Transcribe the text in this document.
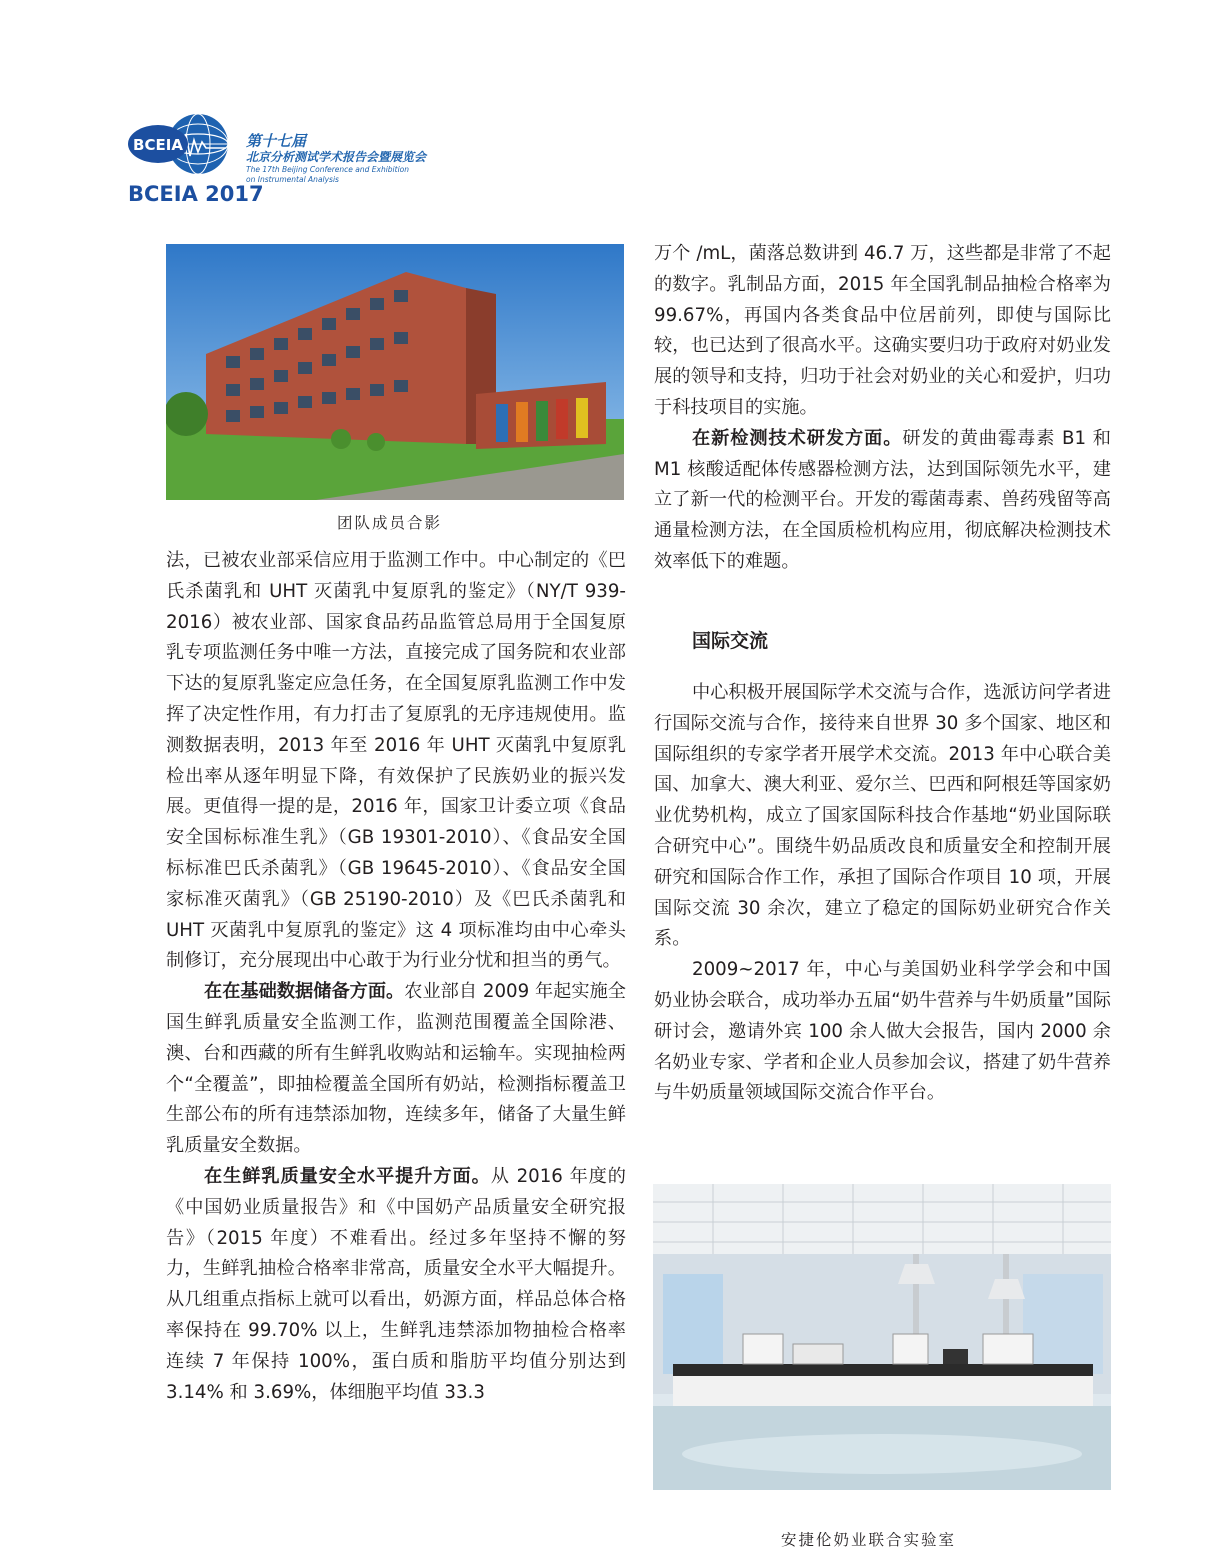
BCEIA
BCEIA 2017
第十七届
北京分析测试学术报告会暨展览会
The 17th Beijing Conference and Exhibition
on Instrumental Analysis
团队成员合影

法，已被农业部采信应用于监测工作中。中心制定的《巴氏杀菌乳和 UHT 灭菌乳中复原乳的鉴定》（NY/T 939-2016）被农业部、国家食品药品监管总局用于全国复原乳专项监测任务中唯一方法，直接完成了国务院和农业部下达的复原乳鉴定应急任务，在全国复原乳监测工作中发挥了决定性作用，有力打击了复原乳的无序违规使用。监测数据表明，2013 年至 2016 年 UHT 灭菌乳中复原乳检出率从逐年明显下降，有效保护了民族奶业的振兴发展。更值得一提的是，2016 年，国家卫计委立项《食品安全国标标准生乳》（GB 19301-2010）、《食品安全国标标准巴氏杀菌乳》（GB 19645-2010）、《食品安全国家标准灭菌乳》（GB 25190-2010）及《巴氏杀菌乳和 UHT 灭菌乳中复原乳的鉴定》这 4 项标准均由中心牵头制修订，充分展现出中心敢于为行业分忧和担当的勇气。

在在基础数据储备方面。农业部自 2009 年起实施全国生鲜乳质量安全监测工作，监测范围覆盖全国除港、澳、台和西藏的所有生鲜乳收购站和运输车。实现抽检两个“全覆盖”，即抽检覆盖全国所有奶站，检测指标覆盖卫生部公布的所有违禁添加物，连续多年，储备了大量生鲜乳质量安全数据。

在生鲜乳质量安全水平提升方面。从 2016 年度的《中国奶业质量报告》和《中国奶产品质量安全研究报告》（2015 年度）不难看出。经过多年坚持不懈的努力，生鲜乳抽检合格率非常高，质量安全水平大幅提升。从几组重点指标上就可以看出，奶源方面，样品总体合格率保持在 99.70% 以上，生鲜乳违禁添加物抽检合格率连续 7 年保持 100%，蛋白质和脂肪平均值分别达到 3.14% 和 3.69%，体细胞平均值 33.3

万个 /mL，菌落总数讲到 46.7 万，这些都是非常了不起的数字。乳制品方面，2015 年全国乳制品抽检合格率为 99.67%，再国内各类食品中位居前列，即使与国际比较，也已达到了很高水平。这确实要归功于政府对奶业发展的领导和支持，归功于社会对奶业的关心和爱护，归功于科技项目的实施。

在新检测技术研发方面。研发的黄曲霉毒素 B1 和 M1 核酸适配体传感器检测方法，达到国际领先水平，建立了新一代的检测平台。开发的霉菌毒素、兽药残留等高通量检测方法，在全国质检机构应用，彻底解决检测技术效率低下的难题。

国际交流

中心积极开展国际学术交流与合作，选派访问学者进行国际交流与合作，接待来自世界 30 多个国家、地区和国际组织的专家学者开展学术交流。2013 年中心联合美国、加拿大、澳大利亚、爱尔兰、巴西和阿根廷等国家奶业优势机构，成立了国家国际科技合作基地“奶业国际联合研究中心”。围绕牛奶品质改良和质量安全和控制开展研究和国际合作工作，承担了国际合作项目 10 项，开展国际交流 30 余次，建立了稳定的国际奶业研究合作关系。

2009~2017 年，中心与美国奶业科学学会和中国奶业协会联合，成功举办五届“奶牛营养与牛奶质量”国际研讨会，邀请外宾 100 余人做大会报告，国内 2000 余名奶业专家、学者和企业人员参加会议，搭建了奶牛营养与牛奶质量领域国际交流合作平台。

安捷伦奶业联合实验室
